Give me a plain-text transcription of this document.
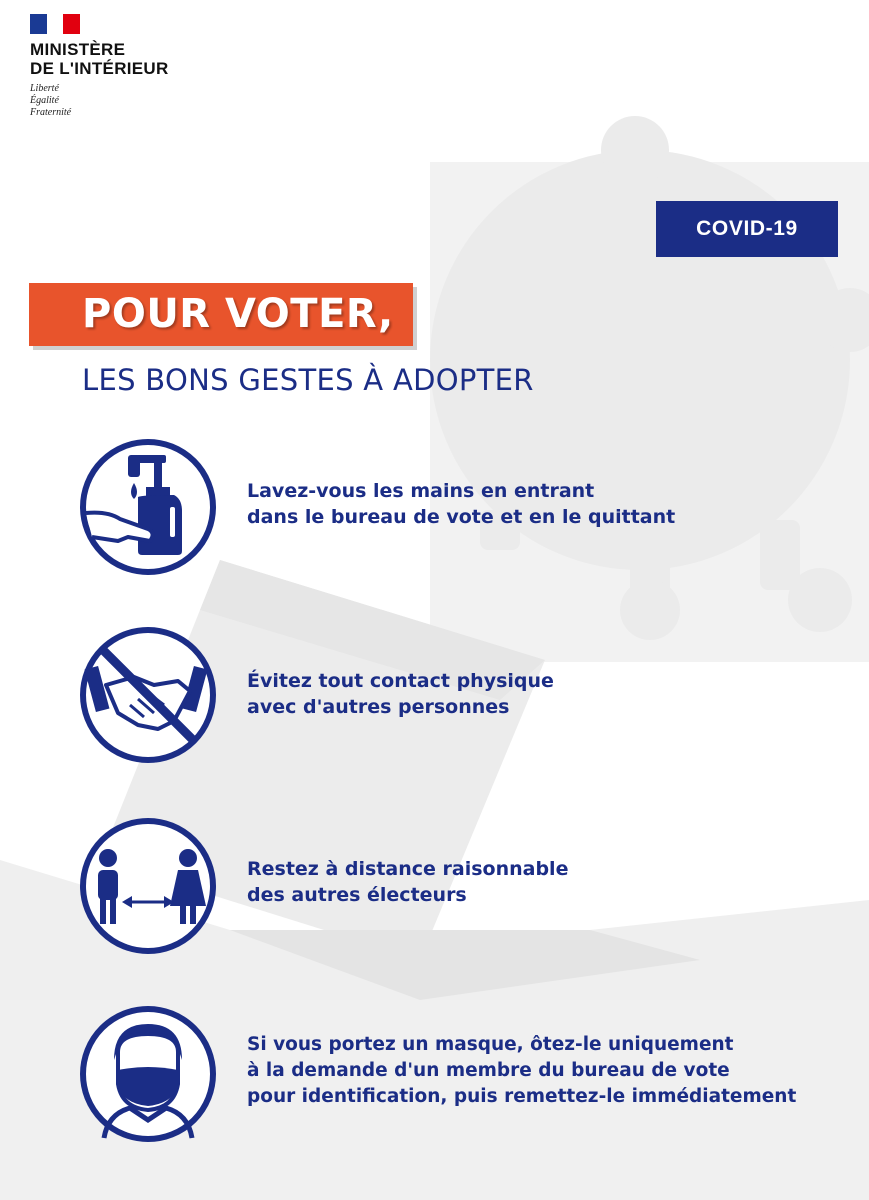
MINISTÈRE
DE L'INTÉRIEUR
Liberté
Égalité
Fraternité
COVID-19
POUR VOTER,
LES BONS GESTES À ADOPTER
Lavez-vous les mains en entrant
dans le bureau de vote et en le quittant
Évitez tout contact physique
avec d'autres personnes
Restez à distance raisonnable
des autres électeurs
Si vous portez un masque, ôtez-le uniquement
à la demande d'un membre du bureau de vote
pour identification, puis remettez-le immédiatement
